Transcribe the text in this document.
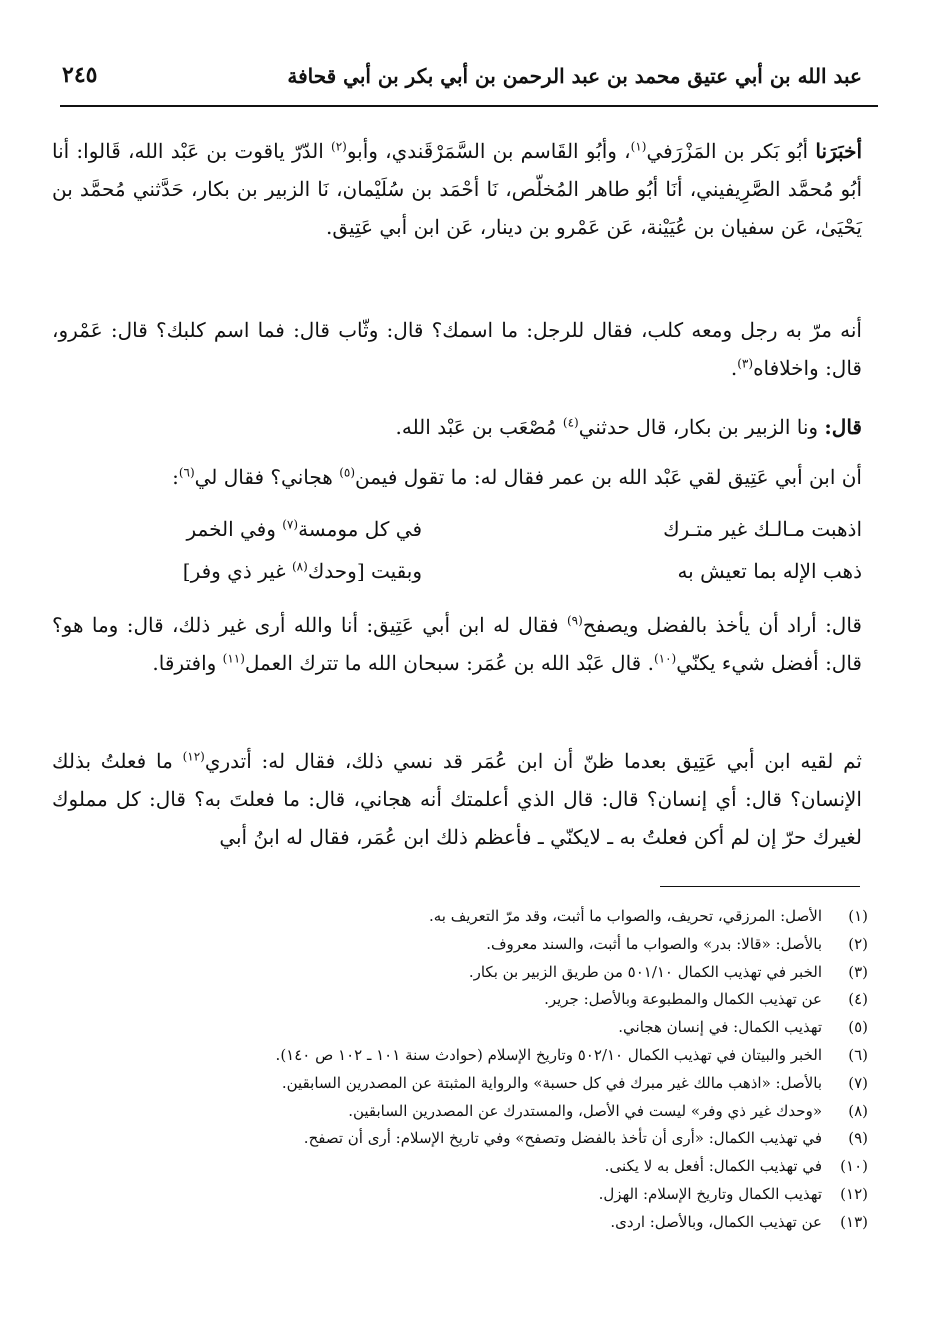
عبد الله بن أبي عتيق محمد بن عبد الرحمن بن أبي بكر بن أبي قحافة
٢٤٥
أخبَرَنا أبُو بَكر بن المَزْرَفي$^{(١)}$، وأبُو القَاسم بن السَّمَرْقَندي، وأبو$^{(٢)}$ الدّرّ ياقوت بن عَبْد الله، قَالوا: أنا أبُو مُحمَّد الصَّرِيفيني، أنَا أبُو طاهر المُخلّص، نَا أحْمَد بن سُلَيْمان، نَا الزبير بن بكار، حَدَّثني مُحمَّد بن يَحْيَىٰ، عَن سفيان بن عُيَيْنة، عَن عَمْرو بن دينار، عَن ابن أبي عَتِيق.
أنه مرّ به رجل ومعه كلب، فقال للرجل: ما اسمك؟ قال: وثّاب قال: فما اسم كلبك؟ قال: عَمْرو، قال: واخلافاه$^{(٣)}$.
قال: ونا الزبير بن بكار، قال حدثني$^{(٤)}$ مُصْعَب بن عَبْد الله.
أن ابن أبي عَتِيق لقي عَبْد الله بن عمر فقال له: ما تقول فيمن$^{(٥)}$ هجاني؟ فقال لي$^{(٦)}$:
اذهبت مـالـك غير متـرك
في كل مومسة$^{(٧)}$ وفي الخمر
ذهب الإله بما تعيش به
وبقيت [وحدك$^{(٨)}$ غير ذي وفر]
قال: أراد أن يأخذ بالفضل ويصفح$^{(٩)}$ فقال له ابن أبي عَتِيق: أنا والله أرى غير ذلك، قال: وما هو؟ قال: أفضل شيء يكنّي$^{(١٠)}$. قال عَبْد الله بن عُمَر: سبحان الله ما تترك العمل$^{(١١)}$ وافترقا.
ثم لقيه ابن أبي عَتِيق بعدما ظنّ أن ابن عُمَر قد نسي ذلك، فقال له: أتدري$^{(١٢)}$ ما فعلتُ بذلك الإنسان؟ قال: أي إنسان؟ قال: قال الذي أعلمتك أنه هجاني، قال: ما فعلتَ به؟ قال: كل مملوك لغيرك حرّ إن لم أكن فعلتُ به ـ لايكنّي ـ فأعظم ذلك ابن عُمَر، فقال له ابنُ أبي
(١)الأصل: المرزقي، تحريف، والصواب ما أثبت، وقد مرّ التعريف به.
(٢)بالأصل: «قالا: بدر» والصواب ما أثبت، والسند معروف.
(٣)الخبر في تهذيب الكمال ٥٠١/١٠ من طريق الزبير بن بكار.
(٤)عن تهذيب الكمال والمطبوعة وبالأصل: جرير.
(٥)تهذيب الكمال: في إنسان هجاني.
(٦)الخبر والبيتان في تهذيب الكمال ٥٠٢/١٠ وتاريخ الإسلام (حوادث سنة ١٠١ ـ ١٠٢ ص ١٤٠).
(٧)بالأصل: «اذهب مالك غير مبرك في كل حسبة» والرواية المثبتة عن المصدرين السابقين.
(٨)«وحدك غير ذي وفر» ليست في الأصل، والمستدرك عن المصدرين السابقين.
(٩)في تهذيب الكمال: «أرى أن تأخذ بالفضل وتصفح» وفي تاريخ الإسلام: أرى أن تصفح.
(١٠)في تهذيب الكمال: أفعل به لا يكنى.
(١٢)تهذيب الكمال وتاريخ الإسلام: الهزل.
(١٣)عن تهذيب الكمال، وبالأصل: اردى.
